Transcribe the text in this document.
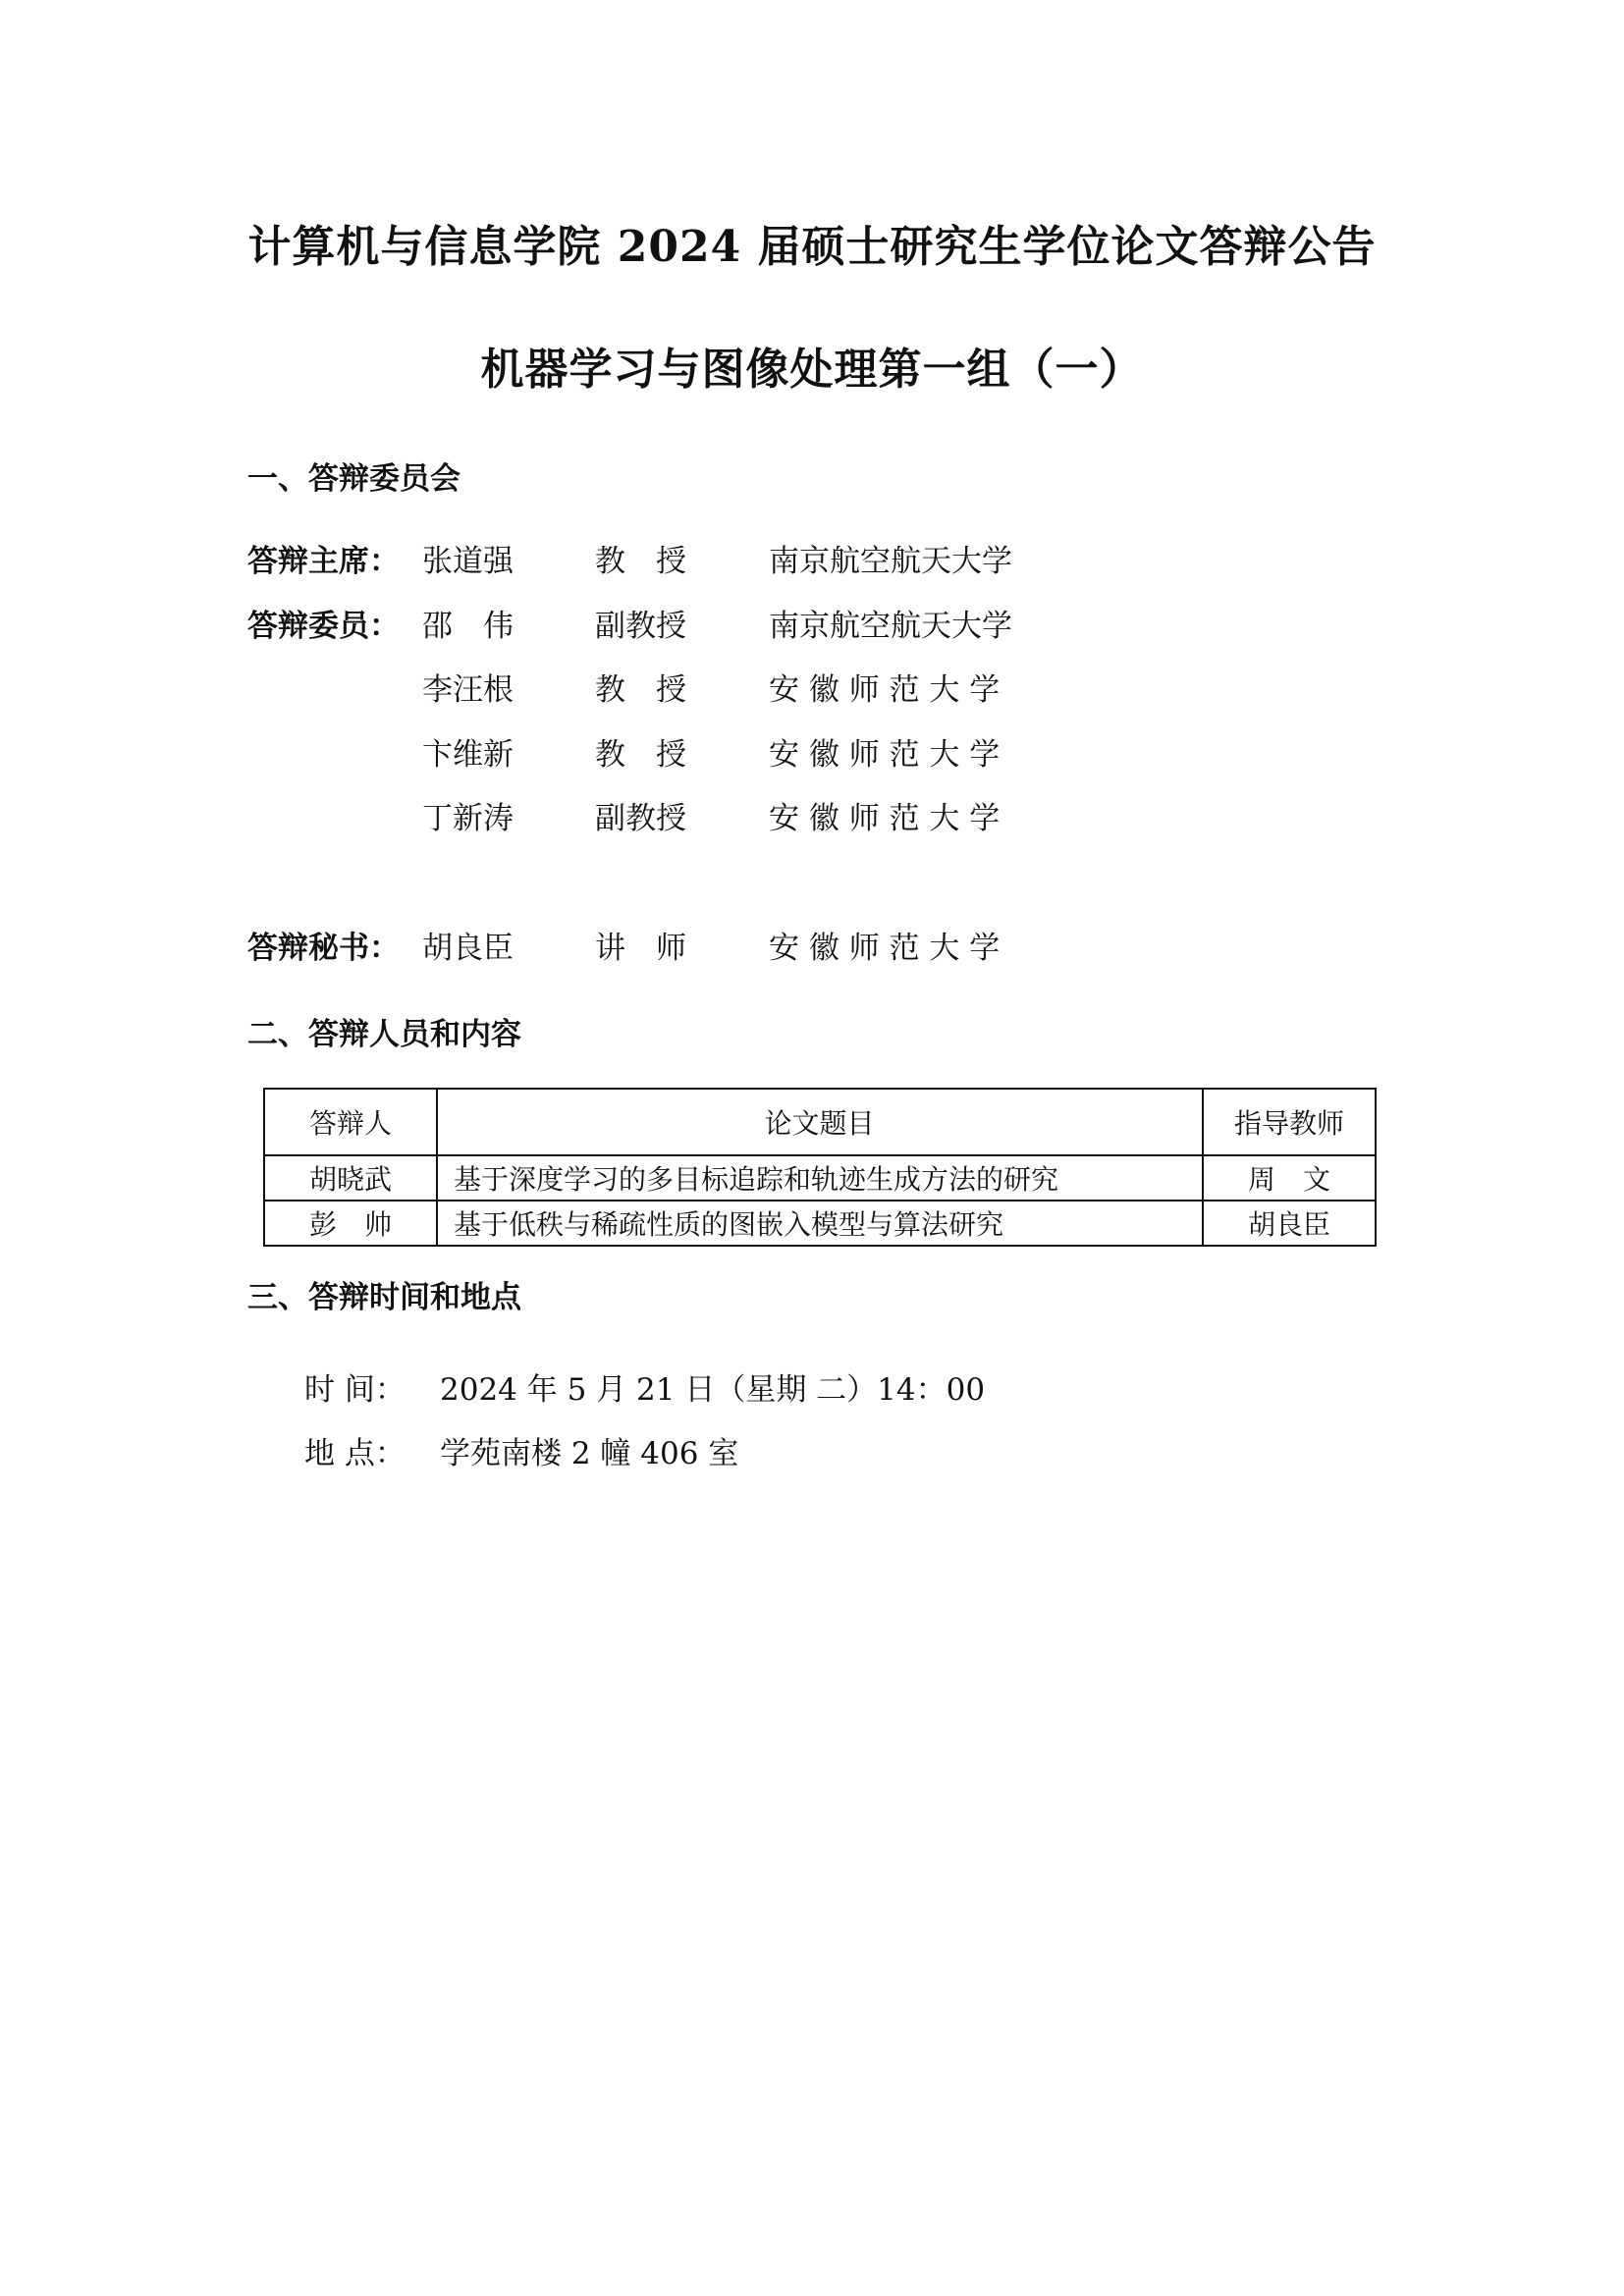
计算机与信息学院 2024 届硕士研究生学位论文答辩公告
机器学习与图像处理第一组（一）
一、答辩委员会
答辩主席： 张道强	教　授	南京航空航天大学
答辩委员： 邵　伟	副教授	南京航空航天大学
李汪根	教　授	安 徽 师 范 大 学
卞维新	教　授	安 徽 师 范 大 学
丁新涛	副教授	安 徽 师 范 大 学
答辩秘书： 胡良臣	讲　师	安 徽 师 范 大 学
二、答辩人员和内容
答辩人	论文题目	指导教师
胡晓武	基于深度学习的多目标追踪和轨迹生成方法的研究	周　文
彭　帅	基于低秩与稀疏性质的图嵌入模型与算法研究	胡良臣
三、答辩时间和地点
时 间： 2024 年 5 月 21 日（星期 二）14：00
地 点： 学苑南楼 2 幢 406 室
